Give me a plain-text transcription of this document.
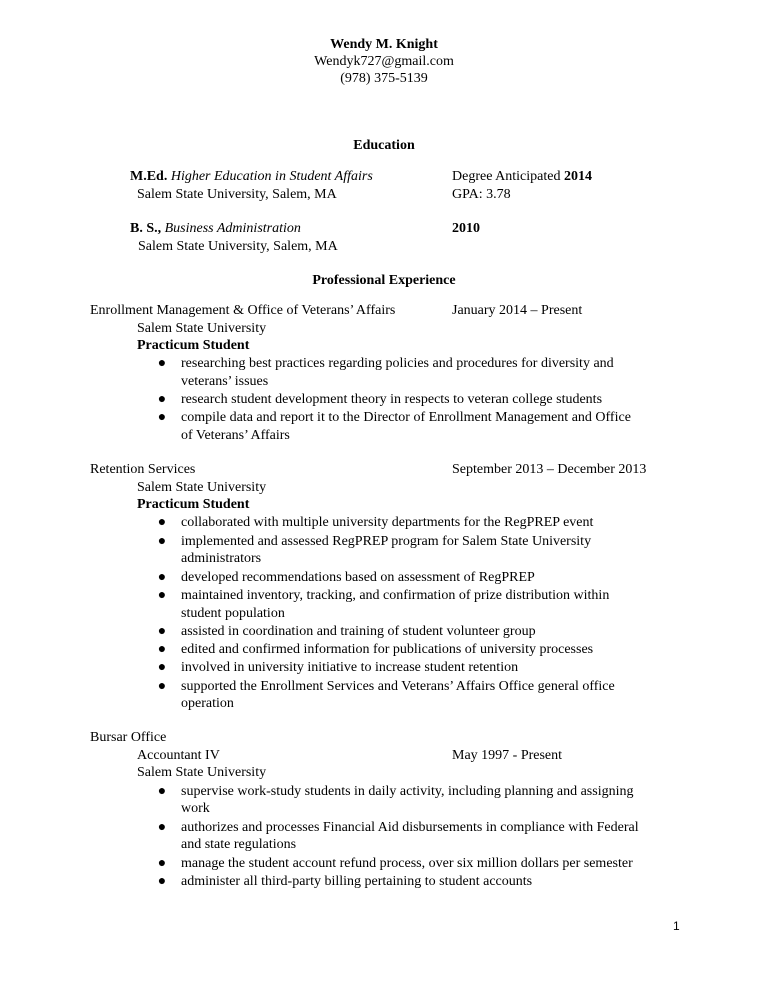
Wendy M. Knight
Wendyk727@gmail.com
(978) 375-5139
Education
M.Ed. Higher Education in Student Affairs	Degree Anticipated 2014
Salem State University, Salem, MA	GPA: 3.78
B. S., Business Administration	2010
Salem State University, Salem, MA
Professional Experience
Enrollment Management & Office of Veterans’ Affairs	January 2014 – Present
Salem State University
Practicum Student
● researching best practices regarding policies and procedures for diversity and
veterans’ issues
● research student development theory in respects to veteran college students
● compile data and report it to the Director of Enrollment Management and Office
of Veterans’ Affairs
Retention Services	September 2013 – December 2013
Salem State University
Practicum Student
● collaborated with multiple university departments for the RegPREP event
● implemented and assessed RegPREP program for Salem State University
administrators
● developed recommendations based on assessment of RegPREP
● maintained inventory, tracking, and confirmation of prize distribution within
student population
● assisted in coordination and training of student volunteer group
● edited and confirmed information for publications of university processes
● involved in university initiative to increase student retention
● supported the Enrollment Services and Veterans’ Affairs Office general office
operation
Bursar Office
Accountant IV	May 1997 - Present
Salem State University
● supervise work-study students in daily activity, including planning and assigning
work
● authorizes and processes Financial Aid disbursements in compliance with Federal
and state regulations
● manage the student account refund process, over six million dollars per semester
● administer all third-party billing pertaining to student accounts
1
